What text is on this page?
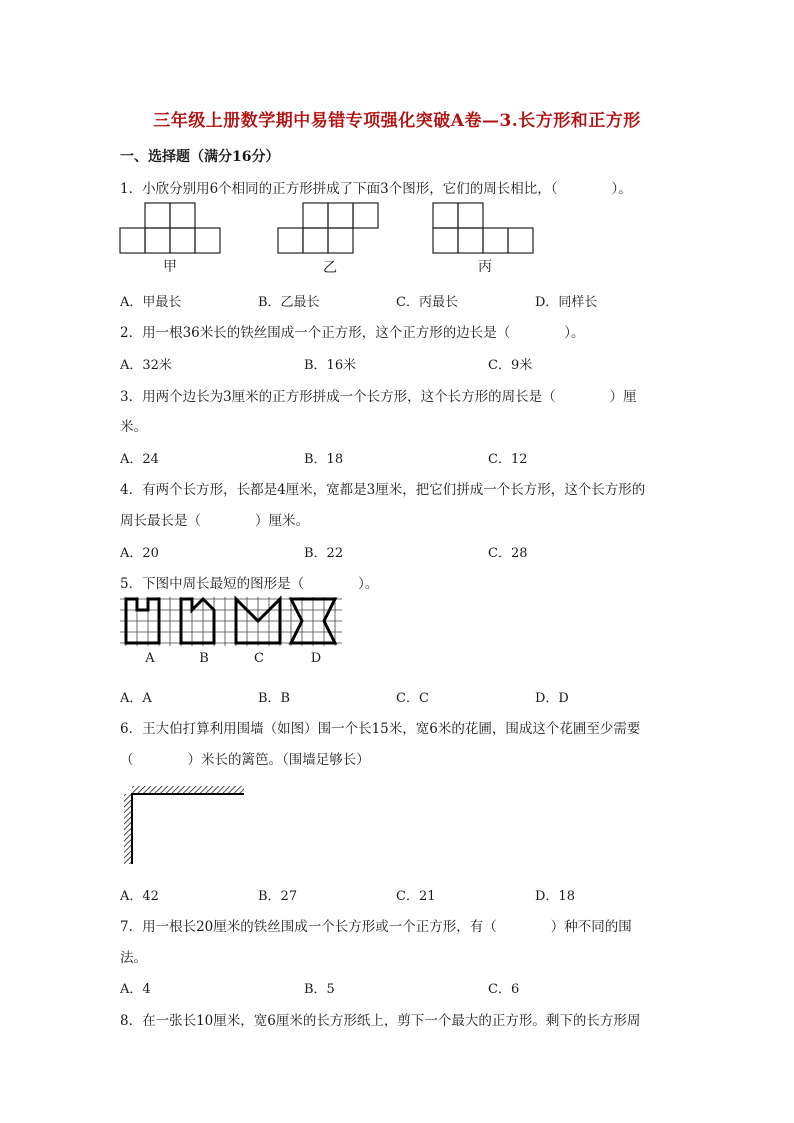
三年级上册数学期中易错专项强化突破A卷—3.长方形和正方形
一、选择题（满分16分）
1．小欣分别用6个相同的正方形拼成了下面3个图形，它们的周长相比，（　　　　）。
甲	乙	丙
A．甲最长	B．乙最长	C．丙最长	D．同样长
2．用一根36米长的铁丝围成一个正方形，这个正方形的边长是（　　　　）。
A．32米	B．16米	C．9米
3．用两个边长为3厘米的正方形拼成一个长方形，这个长方形的周长是（　　　　）厘
米。
A．24	B．18	C．12
4．有两个长方形，长都是4厘米，宽都是3厘米，把它们拼成一个长方形，这个长方形的
周长最长是（　　　　）厘米。
A．20	B．22	C．28
5．下图中周长最短的图形是（　　　　）。
A	B	C	D
A．A	B．B	C．C	D．D
6．王大伯打算利用围墙（如图）围一个长15米，宽6米的花圃，围成这个花圃至少需要
（　　　　）米长的篱笆。（围墙足够长）
A．42	B．27	C．21	D．18
7．用一根长20厘米的铁丝围成一个长方形或一个正方形，有（　　　　）种不同的围
法。
A．4	B．5	C．6
8．在一张长10厘米，宽6厘米的长方形纸上，剪下一个最大的正方形。剩下的长方形周
